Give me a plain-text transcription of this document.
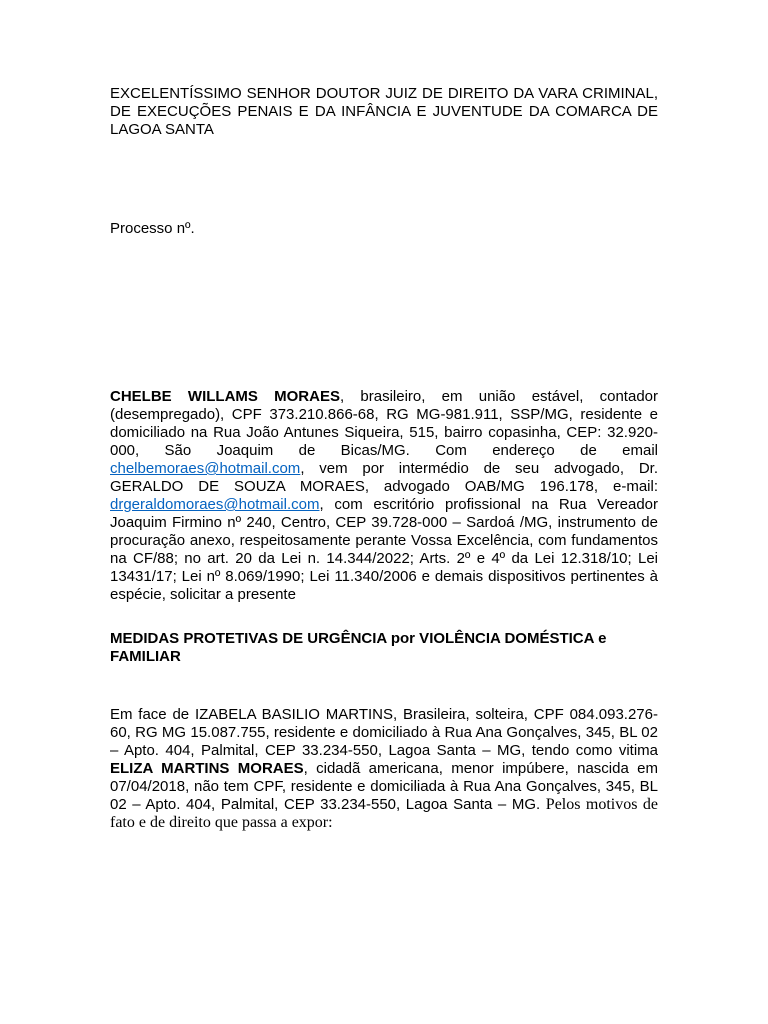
EXCELENTÍSSIMO SENHOR DOUTOR JUIZ DE DIREITO DA VARA CRIMINAL, DE EXECUÇÕES PENAIS E DA INFÂNCIA E JUVENTUDE DA COMARCA DE LAGOA SANTA

Processo nº.

CHELBE WILLAMS MORAES, brasileiro, em união estável, contador (desempregado), CPF 373.210.866-68, RG MG-981.911, SSP/MG, residente e domiciliado na Rua João Antunes Siqueira, 515, bairro copasinha, CEP: 32.920-000, São Joaquim de Bicas/MG. Com endereço de email chelbemoraes@hotmail.com, vem por intermédio de seu advogado, Dr. GERALDO DE SOUZA MORAES, advogado OAB/MG 196.178, e-mail: drgeraldomoraes@hotmail.com, com escritório profissional na Rua Vereador Joaquim Firmino nº 240, Centro, CEP 39.728-000 – Sardoá /MG, instrumento de procuração anexo, respeitosamente perante Vossa Excelência, com fundamentos na CF/88; no art. 20 da Lei n. 14.344/2022; Arts. 2º e 4º da Lei 12.318/10; Lei 13431/17; Lei nº 8.069/1990; Lei 11.340/2006 e demais dispositivos pertinentes à espécie, solicitar a presente

MEDIDAS PROTETIVAS DE URGÊNCIA por VIOLÊNCIA DOMÉSTICA e FAMILIAR

Em face de IZABELA BASILIO MARTINS, Brasileira, solteira, CPF 084.093.276-60, RG MG 15.087.755, residente e domiciliado à Rua Ana Gonçalves, 345, BL 02 – Apto. 404, Palmital, CEP 33.234-550, Lagoa Santa – MG, tendo como vitima ELIZA MARTINS MORAES, cidadã americana, menor impúbere, nascida em 07/04/2018, não tem CPF, residente e domiciliada à Rua Ana Gonçalves, 345, BL 02 – Apto. 404, Palmital, CEP 33.234-550, Lagoa Santa – MG. Pelos motivos de fato e de direito que passa a expor:
